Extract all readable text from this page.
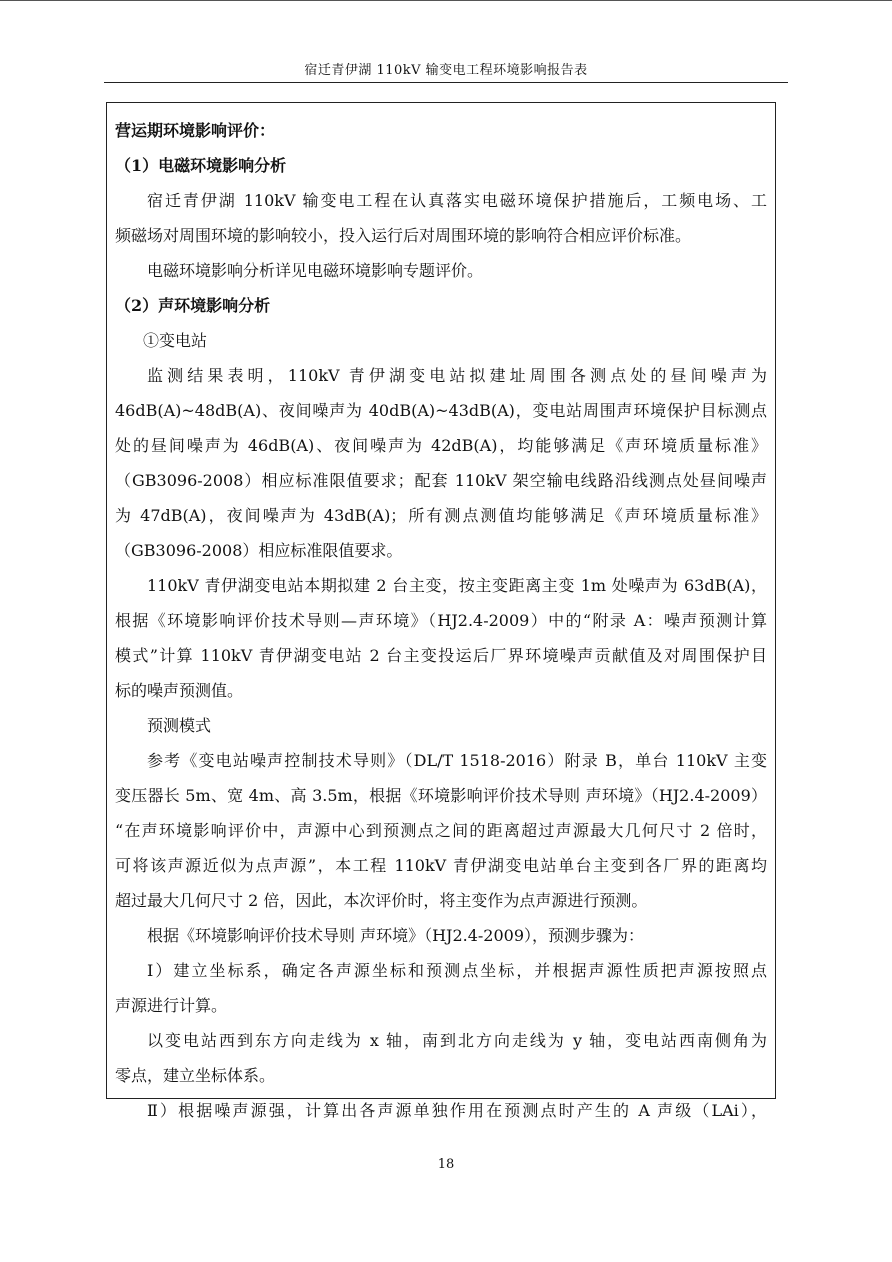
宿迁青伊湖 110kV 输变电工程环境影响报告表
营运期环境影响评价：
（1）电磁环境影响分析
宿迁青伊湖 110kV 输变电工程在认真落实电磁环境保护措施后，工频电场、工
频磁场对周围环境的影响较小，投入运行后对周围环境的影响符合相应评价标准。
电磁环境影响分析详见电磁环境影响专题评价。
（2）声环境影响分析
①变电站
监测结果表明，110kV 青伊湖变电站拟建址周围各测点处的昼间噪声为
46dB(A)~48dB(A)、夜间噪声为 40dB(A)~43dB(A)，变电站周围声环境保护目标测点
处的昼间噪声为 46dB(A)、夜间噪声为 42dB(A)，均能够满足《声环境质量标准》
（GB3096-2008）相应标准限值要求；配套 110kV 架空输电线路沿线测点处昼间噪声
为 47dB(A)，夜间噪声为 43dB(A)；所有测点测值均能够满足《声环境质量标准》
（GB3096-2008）相应标准限值要求。
110kV 青伊湖变电站本期拟建 2 台主变，按主变距离主变 1m 处噪声为 63dB(A)，
根据《环境影响评价技术导则—声环境》（HJ2.4-2009）中的“附录 A：噪声预测计算
模式”计算 110kV 青伊湖变电站 2 台主变投运后厂界环境噪声贡献值及对周围保护目
标的噪声预测值。
预测模式
参考《变电站噪声控制技术导则》（DL/T 1518-2016）附录 B，单台 110kV 主变
变压器长 5m、宽 4m、高 3.5m，根据《环境影响评价技术导则 声环境》（HJ2.4-2009）
“在声环境影响评价中，声源中心到预测点之间的距离超过声源最大几何尺寸 2 倍时，
可将该声源近似为点声源”，本工程 110kV 青伊湖变电站单台主变到各厂界的距离均
超过最大几何尺寸 2 倍，因此，本次评价时，将主变作为点声源进行预测。
根据《环境影响评价技术导则 声环境》（HJ2.4-2009），预测步骤为：
Ⅰ）建立坐标系，确定各声源坐标和预测点坐标，并根据声源性质把声源按照点
声源进行计算。
以变电站西到东方向走线为 x 轴，南到北方向走线为 y 轴，变电站西南侧角为
零点，建立坐标体系。
Ⅱ）根据噪声源强，计算出各声源单独作用在预测点时产生的 A 声级（LAi），
18
